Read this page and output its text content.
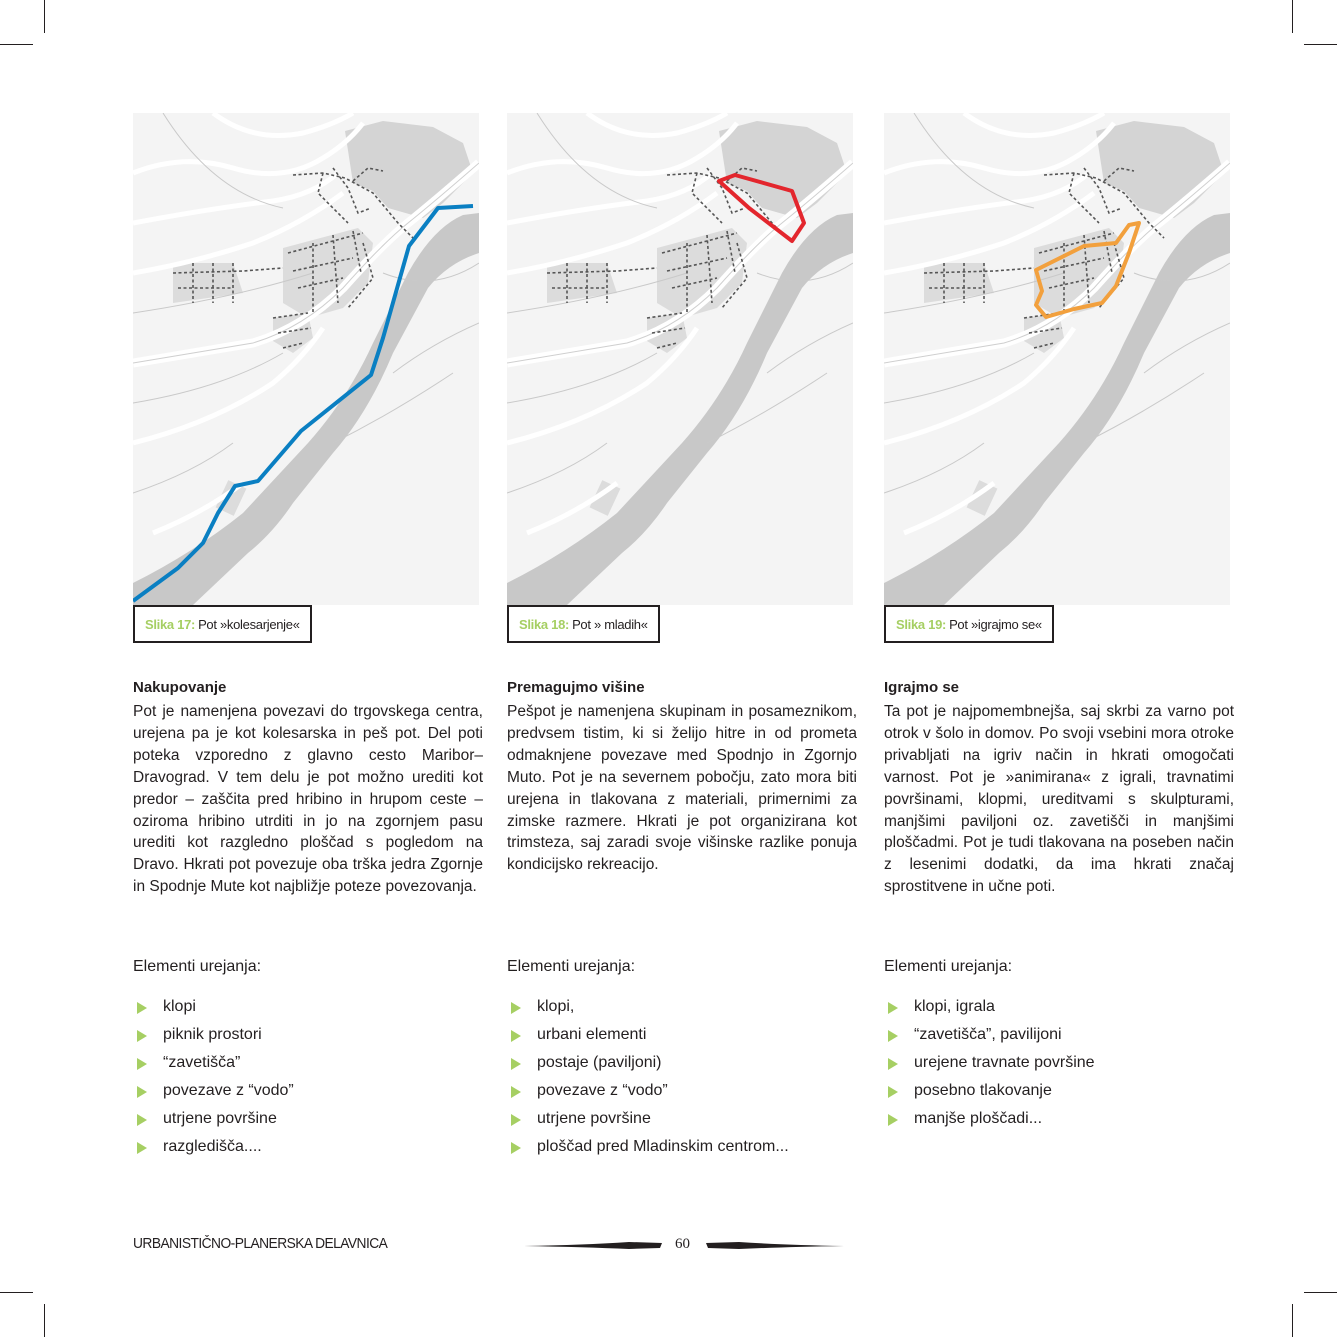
Slika 17: Pot »kolesarjenje«
Nakupovanje
Pot je namenjena povezavi do trgovskega centra, urejena pa je kot kolesarska in peš pot. Del poti poteka vzporedno z glavno cesto Maribor–Dravograd. V tem delu je pot možno urediti kot predor – zaščita pred hribino in hrupom ceste – oziroma hribino utrditi in jo na zgornjem pasu urediti kot razgledno ploščad s pogledom na Dravo. Hkrati pot povezuje oba trška jedra Zgornje in Spodnje Mute kot najbližje poteze povezovanja.
Elementi urejanja:
klopi
piknik prostori
“zavetišča”
povezave z “vodo”
utrjene površine
razgledišča....
Slika 18: Pot » mladih«
Premagujmo višine
Pešpot je namenjena skupinam in posameznikom, predvsem tistim, ki si želijo hitre in od prometa odmaknjene povezave med Spodnjo in Zgornjo Muto. Pot je na severnem pobočju, zato mora biti urejena in tlakovana z materiali, primernimi za zimske razmere. Hkrati je pot organizirana kot trimsteza, saj zaradi svoje višinske razlike ponuja kondicijsko rekreacijo.
Elementi urejanja:
klopi,
urbani elementi
postaje (paviljoni)
povezave z “vodo”
utrjene površine
ploščad pred Mladinskim centrom...
Slika 19: Pot »igrajmo se«
Igrajmo se
Ta pot je najpomembnejša, saj skrbi za varno pot otrok v šolo in domov. Po svoji vsebini mora otroke privabljati na igriv način in hkrati omogočati varnost. Pot je »animirana« z igrali, travnatimi površinami, klopmi, ureditvami s skulpturami, manjšimi paviljoni oz. zavetišči in manjšimi ploščadmi. Pot je tudi tlakovana na poseben način z lesenimi dodatki, da ima hkrati značaj sprostitvene in učne poti.
Elementi urejanja:
klopi, igrala
“zavetišča”, pavilijoni
urejene travnate površine
posebno tlakovanje
manjše ploščadi...
URBANISTIČNO-PLANERSKA DELAVNICA	60
